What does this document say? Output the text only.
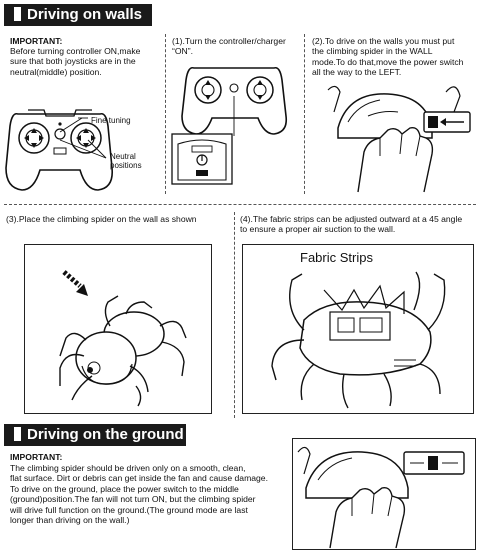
Driving on walls
IMPORTANT:
Before turning controller ON,make
sure that both joysticks are in the
neutral(middle) position.
Fine tuning
Neutral
positions
(1).Turn the controller/charger
“ON”.
(2).To drive on the walls you must put
the climbing spider in the WALL
mode.To do that,move the power switch
all the way to the LEFT.
(3).Place the climbing spider on the wall as shown	(4).The fabric strips can be adjusted outward at a 45 angle
to ensure a proper air suction to the wall.
Fabric Strips
Driving on the ground
IMPORTANT:
The climbing spider should be driven only on a smooth, clean,
flat surface. Dirt or debris can get inside the fan and cause damage.
To drive on the ground, place the power switch to the middle
(ground)position.The fan will not turn ON, but the climbing spider
will drive full function on the ground.(The ground mode are last
longer than driving on the wall.)
